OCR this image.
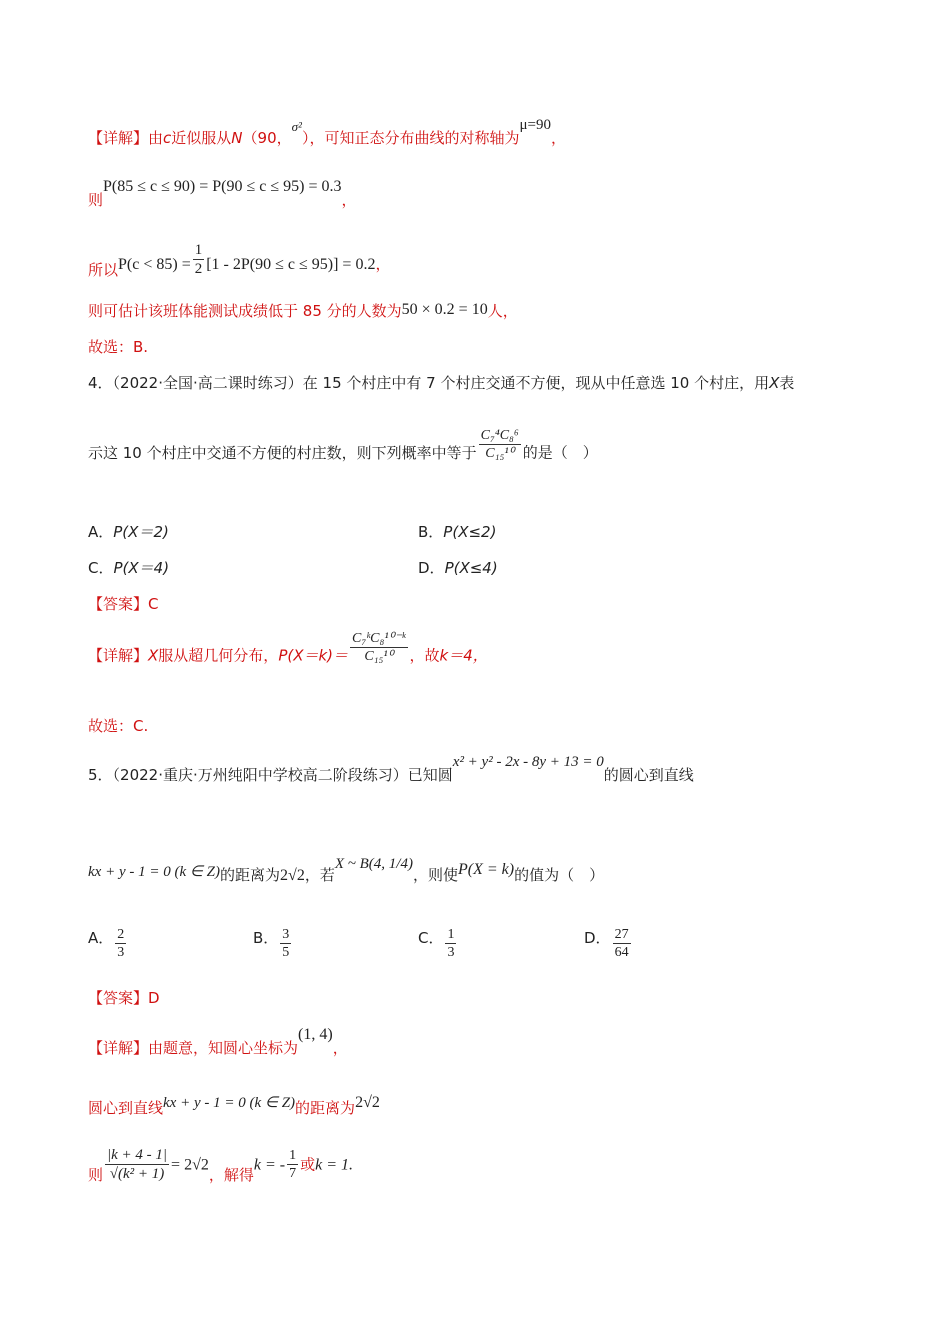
【详解】由c近似服从N（90，σ²），可知正态分布曲线的对称轴为μ=90，
则P(85 ≤ c ≤ 90) = P(90 ≤ c ≤ 95) = 0.3，
所以$P(c < 85) = \frac{1}{2} [1 - 2P(90 \le c \le 95)] = 0.2$，
则可估计该班体能测试成绩低于 85 分的人数为50 × 0.2 = 10人，
故选：B.
4．（2022·全国·高二课时练习）在 15 个村庄中有 7 个村庄交通不方便，现从中任意选 10 个村庄，用X表
示这 10 个村庄中交通不方便的村庄数，则下列概率中等于 $\frac{\text{C₇⁴C₈⁶}}{\text{C₁₅¹⁰}}$ 的是（　）
A．P(X＝2)	B．P(X≤2)
C．P(X＝4)	D．P(X≤4)
【答案】C
【详解】X服从超几何分布，$P(X=k)= \frac{\text{C₇ᵏC₈¹⁰⁻ᵏ}}{\text{C₁₅¹⁰}}$ ，故k＝4，
故选：C.
5．（2022·重庆·万州纯阳中学校高二阶段练习）已知圆x² + y² - 2x - 8y + 13 = 0的圆心到直线
kx + y - 1 = 0 (k ∈ Z)的距离为2√2，若X ~ B(4, 1/4)，则使P(X = k)的值为（　）
A． $\frac{2}{3}$	B． $\frac{3}{5}$	C． $\frac{1}{3}$	D． $\frac{27}{64}$
【答案】D
【详解】由题意，知圆心坐标为(1, 4)，
圆心到直线kx + y - 1 = 0 (k ∈ Z)的距离为2√2
则 $\frac{|k + 4 - 1|}{\text{√(k² + 1)}} = 2√2$，解得k = - $\frac{1}{7}$ 或k = 1.
